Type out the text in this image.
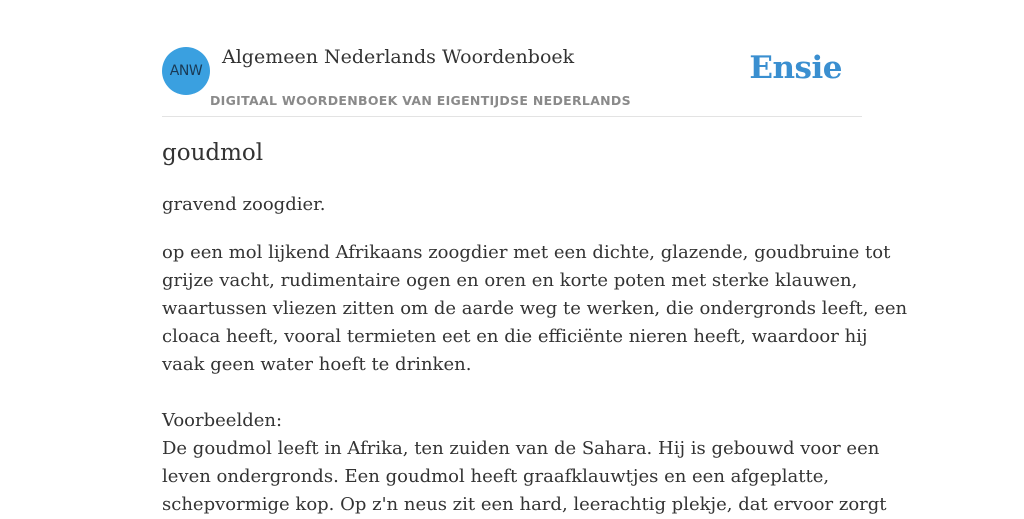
ANW
Algemeen Nederlands Woordenboek
DIGITAAL WOORDENBOEK VAN EIGENTIJDSE NEDERLANDS
Ensie
goudmol
gravend zoogdier.
op een mol lijkend Afrikaans zoogdier met een dichte, glazende, goudbruine tot
grijze vacht, rudimentaire ogen en oren en korte poten met sterke klauwen,
waartussen vliezen zitten om de aarde weg te werken, die ondergronds leeft, een
cloaca heeft, vooral termieten eet en die efficiënte nieren heeft, waardoor hij
vaak geen water hoeft te drinken.
Voorbeelden:
De goudmol leeft in Afrika, ten zuiden van de Sahara. Hij is gebouwd voor een
leven ondergronds. Een goudmol heeft graafklauwtjes en een afgeplatte,
schepvormige kop. Op z'n neus zit een hard, leerachtig plekje, dat ervoor zorgt
